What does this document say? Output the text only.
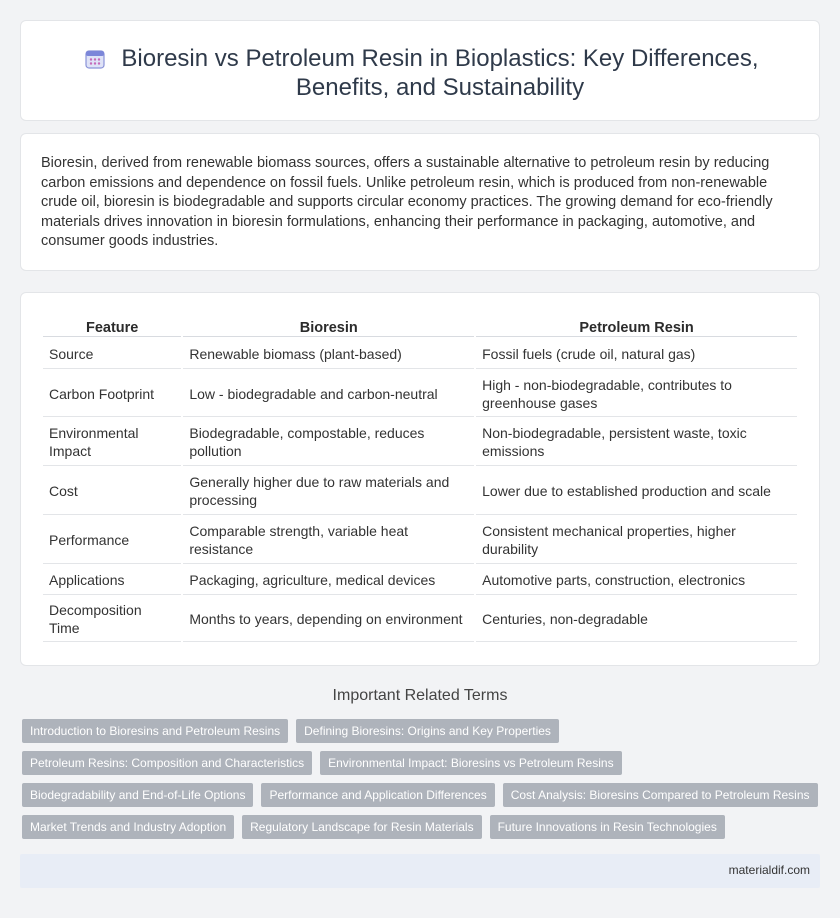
Bioresin vs Petroleum Resin in Bioplastics: Key Differences, Benefits, and Sustainability

Bioresin, derived from renewable biomass sources, offers a sustainable alternative to petroleum resin by reducing carbon emissions and dependence on fossil fuels. Unlike petroleum resin, which is produced from non-renewable crude oil, bioresin is biodegradable and supports circular economy practices. The growing demand for eco-friendly materials drives innovation in bioresin formulations, enhancing their performance in packaging, automotive, and consumer goods industries.

Feature	Bioresin	Petroleum Resin
Source	Renewable biomass (plant-based)	Fossil fuels (crude oil, natural gas)
Carbon Footprint	Low - biodegradable and carbon-neutral	High - non-biodegradable, contributes to greenhouse gases
Environmental Impact	Biodegradable, compostable, reduces pollution	Non-biodegradable, persistent waste, toxic emissions
Cost	Generally higher due to raw materials and processing	Lower due to established production and scale
Performance	Comparable strength, variable heat resistance	Consistent mechanical properties, higher durability
Applications	Packaging, agriculture, medical devices	Automotive parts, construction, electronics
Decomposition Time	Months to years, depending on environment	Centuries, non-degradable
Important Related Terms
Introduction to Bioresins and Petroleum Resins	Defining Bioresins: Origins and Key Properties
Petroleum Resins: Composition and Characteristics	Environmental Impact: Bioresins vs Petroleum Resins
Biodegradability and End-of-Life Options	Performance and Application Differences	Cost Analysis: Bioresins Compared to Petroleum Resins
Market Trends and Industry Adoption	Regulatory Landscape for Resin Materials	Future Innovations in Resin Technologies
materialdif.com
